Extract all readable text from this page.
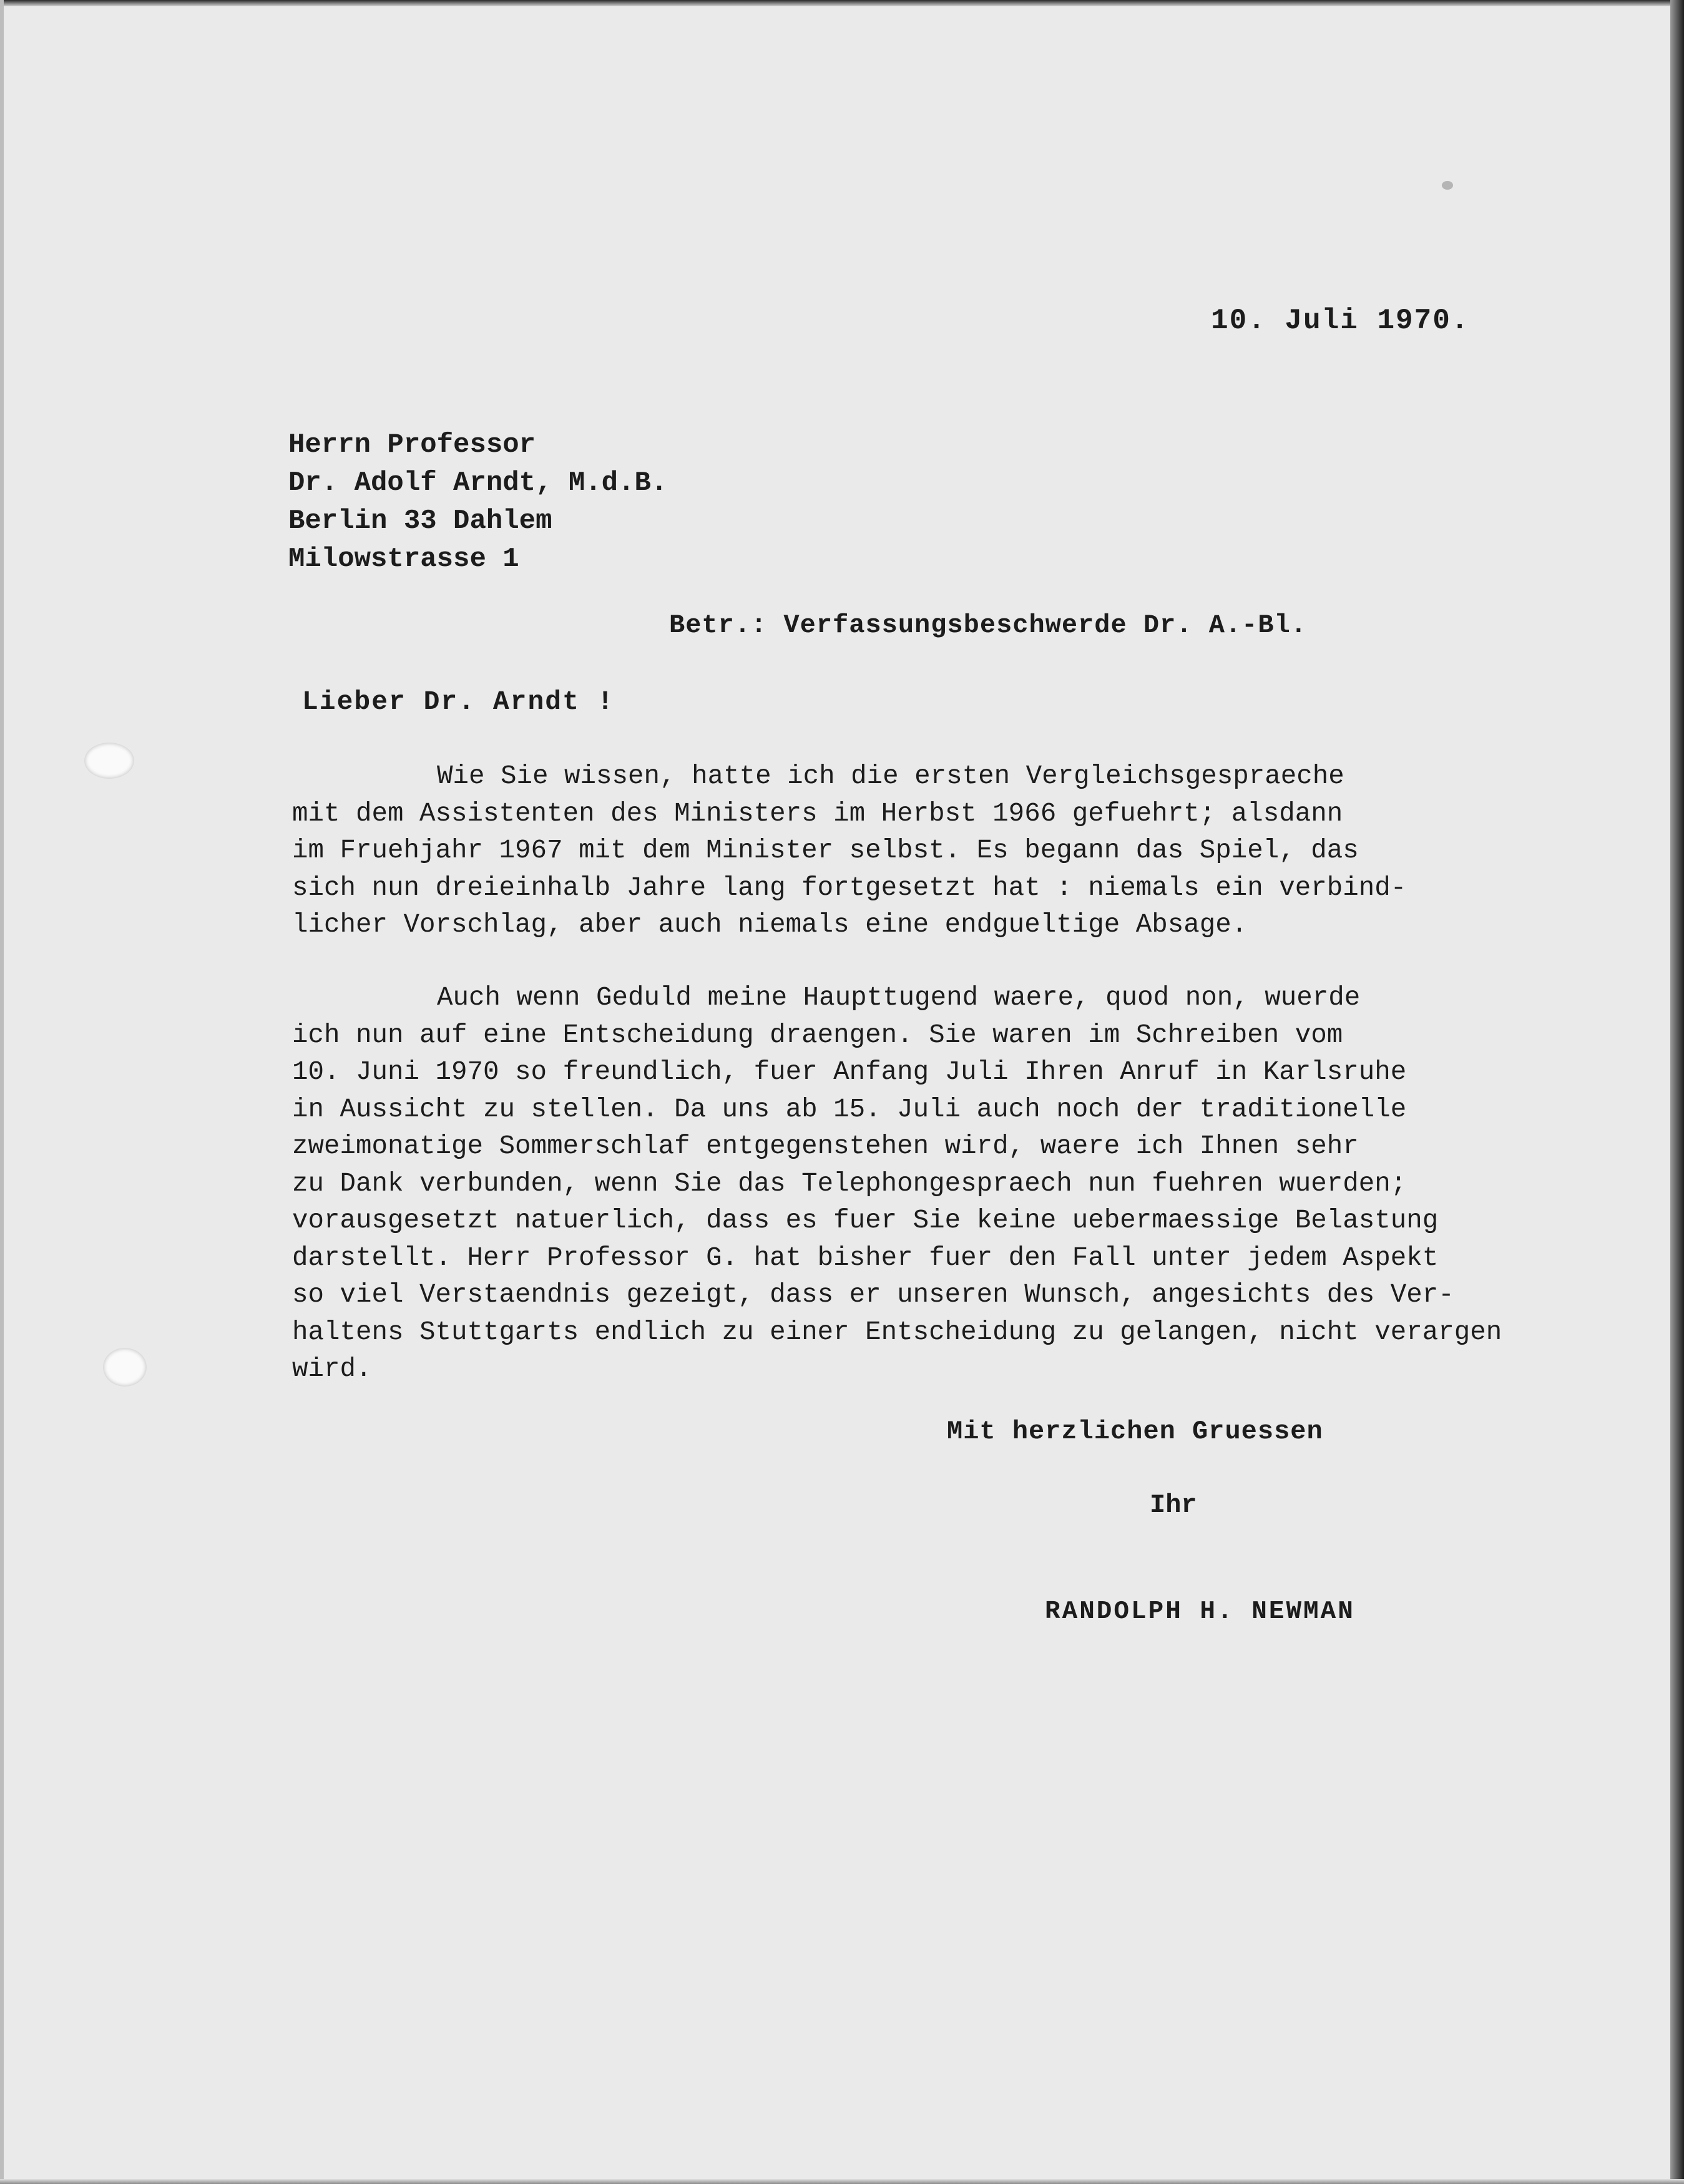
10. Juli 1970.
Herrn Professor
Dr. Adolf Arndt, M.d.B.
Berlin 33 Dahlem
Milowstrasse 1
Betr.: Verfassungsbeschwerde Dr. A.-Bl.
Lieber Dr. Arndt !
Wie Sie wissen, hatte ich die ersten Vergleichsgespraeche
mit dem Assistenten des Ministers im Herbst 1966 gefuehrt; alsdann
im Fruehjahr 1967 mit dem Minister selbst. Es begann das Spiel, das
sich nun dreieinhalb Jahre lang fortgesetzt hat : niemals ein verbind-
licher Vorschlag, aber auch niemals eine endgueltige Absage.
Auch wenn Geduld meine Haupttugend waere, quod non, wuerde
ich nun auf eine Entscheidung draengen. Sie waren im Schreiben vom
10. Juni 1970 so freundlich, fuer Anfang Juli Ihren Anruf in Karlsruhe
in Aussicht zu stellen. Da uns ab 15. Juli auch noch der traditionelle
zweimonatige Sommerschlaf entgegenstehen wird, waere ich Ihnen sehr
zu Dank verbunden, wenn Sie das Telephongespraech nun fuehren wuerden;
vorausgesetzt natuerlich, dass es fuer Sie keine uebermaessige Belastung
darstellt. Herr Professor G. hat bisher fuer den Fall unter jedem Aspekt
so viel Verstaendnis gezeigt, dass er unseren Wunsch, angesichts des Ver-
haltens Stuttgarts endlich zu einer Entscheidung zu gelangen, nicht verargen
wird.
Mit herzlichen Gruessen
Ihr
RANDOLPH H. NEWMAN
